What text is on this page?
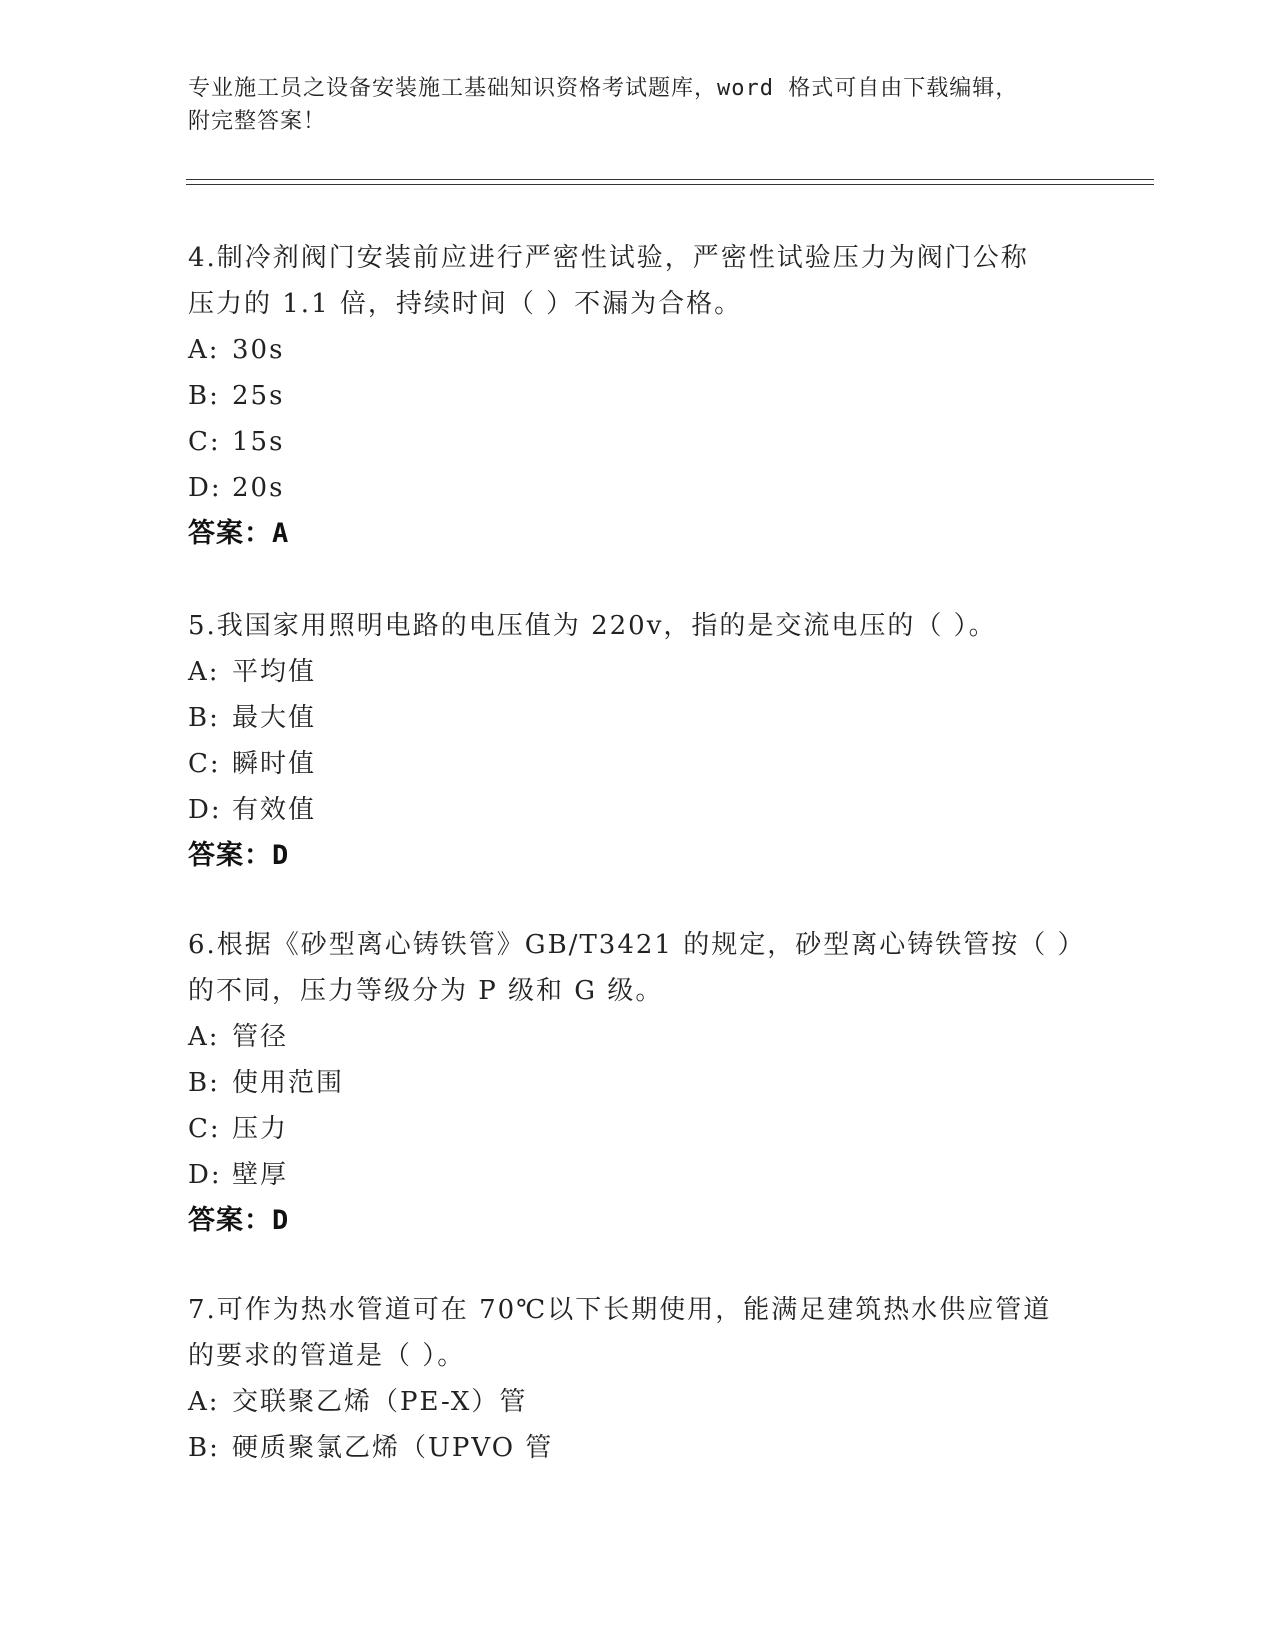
专业施工员之设备安装施工基础知识资格考试题库，word 格式可自由下载编辑，
附完整答案！
4.制冷剂阀门安装前应进行严密性试验，严密性试验压力为阀门公称
压力的 1.1 倍，持续时间（ ）不漏为合格。
A: 30s
B: 25s
C: 15s
D: 20s
答案：A
5.我国家用照明电路的电压值为 220v，指的是交流电压的（ ）。
A: 平均值
B: 最大值
C: 瞬时值
D: 有效值
答案：D
6.根据《砂型离心铸铁管》GB/T3421 的规定，砂型离心铸铁管按（ ）
的不同，压力等级分为 P 级和 G 级。
A: 管径
B: 使用范围
C: 压力
D: 壁厚
答案：D
7.可作为热水管道可在 70℃以下长期使用，能满足建筑热水供应管道
的要求的管道是（ ）。
A: 交联聚乙烯（PE-X）管
B: 硬质聚氯乙烯（UPVO 管
